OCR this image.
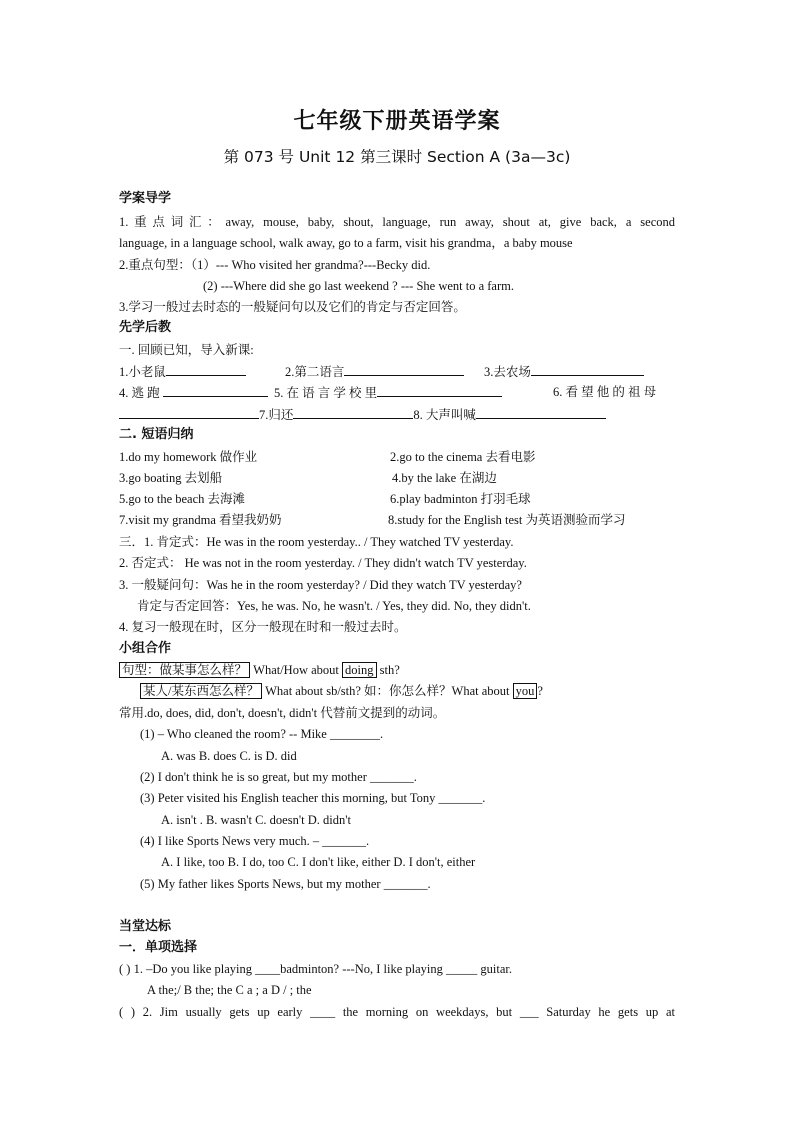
七年级下册英语学案
第 073 号 Unit 12 第三课时 Section A (3a—3c)
学案导学
1.重点词汇：away, mouse, baby, shout, language, run away, shout at, give back, a second
language, in a language school, walk away, go to a farm, visit his grandma，a baby mouse
2.重点句型：（1）--- Who visited her grandma?---Becky did.
(2) ---Where did she go last weekend ? --- She went to a farm.
3.学习一般过去时态的一般疑问句以及它们的肯定与否定回答。
先学后教
一. 回顾已知，导入新课:
1.小老鼠	2.第二语言	3.去农场
4. 逃 跑	5. 在 语 言 学 校 里	6. 看 望 他 的 祖 母
7.归还	8. 大声叫喊
二. 短语归纳
1.do my homework 做作业	2.go to the cinema 去看电影
3.go boating 去划船	4.by the lake 在湖边
5.go to the beach 去海滩	6.play badminton 打羽毛球
7.visit my grandma 看望我奶奶	8.study for the English test 为英语测验而学习
三．1. 肯定式：He was in the room yesterday.. / They watched TV yesterday.
2. 否定式： He was not in the room yesterday. / They didn't watch TV yesterday.
3. 一般疑问句：Was he in the room yesterday? / Did they watch TV yesterday?
肯定与否定回答：Yes, he was. No, he wasn't. / Yes, they did. No, they didn't.
4. 复习一般现在时，区分一般现在时和一般过去时。
小组合作
句型：做某事怎么样？ What/How about doing sth?
某人/某东西怎么样？ What about sb/sth? 如：你怎么样？What about you ?
常用.do, does, did, don't, doesn't, didn't 代替前文提到的动词。
(1) – Who cleaned the room? -- Mike ________.
A. was B. does C. is D. did
(2) I don't think he is so great, but my mother _______.
(3) Peter visited his English teacher this morning, but Tony _______.
A. isn't . B. wasn't C. doesn't D. didn't
(4) I like Sports News very much. – _______.
A. I like, too B. I do, too C. I don't like, either D. I don't, either
(5) My father likes Sports News, but my mother _______.
当堂达标
一．单项选择
( ) 1. –Do you like playing ____badminton? ---No, I like playing _____ guitar.
A the;/ B the; the C a ; a D / ; the
( ) 2. Jim usually gets up early ____ the morning on weekdays, but ___ Saturday he gets up at
